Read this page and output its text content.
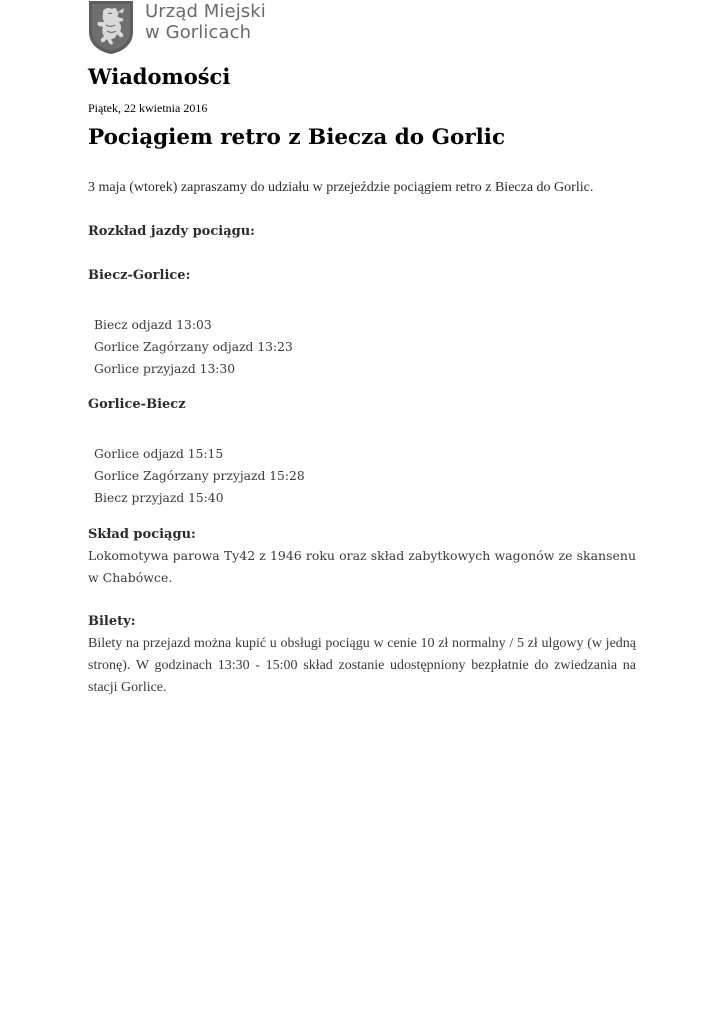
Urząd Miejski
w Gorlicach
Wiadomości
Piątek, 22 kwietnia 2016
Pociągiem retro z Biecza do Gorlic
3 maja (wtorek) zapraszamy do udziału w przejeździe pociągiem retro z Biecza do Gorlic.
Rozkład jazdy pociągu:
Biecz-Gorlice:
Biecz odjazd 13:03
Gorlice Zagórzany odjazd 13:23
Gorlice przyjazd 13:30
Gorlice-Biecz
Gorlice odjazd 15:15
Gorlice Zagórzany przyjazd 15:28
Biecz przyjazd 15:40
Skład pociągu:
Lokomotywa parowa Ty42 z 1946 roku oraz skład zabytkowych wagonów ze skansenu w Chabówce.
Bilety:
Bilety na przejazd można kupić u obsługi pociągu w cenie 10 zł normalny / 5 zł ulgowy (w jedną stronę). W godzinach 13:30 - 15:00 skład zostanie udostępniony bezpłatnie do zwiedzania na stacji Gorlice.
